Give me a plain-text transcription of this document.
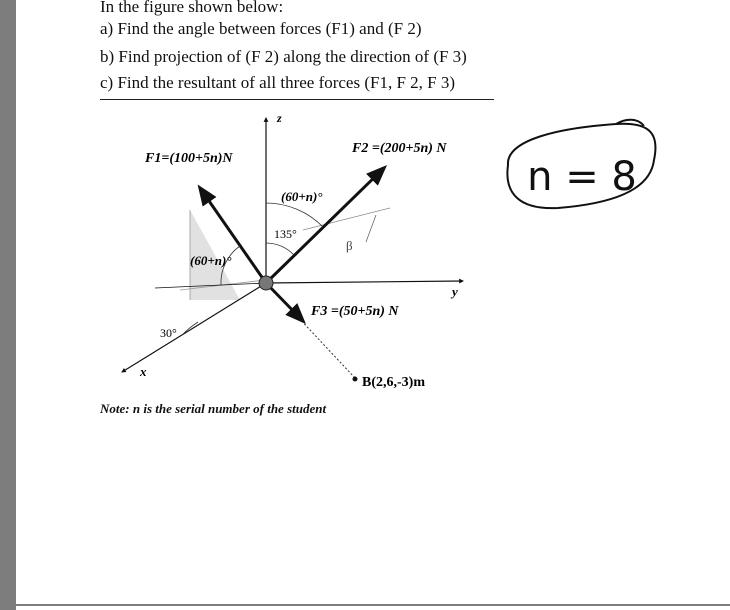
In the figure shown below:
a) Find the angle between forces (F1) and (F 2)
b) Find projection of (F 2) along the direction of (F 3)
c) Find the resultant of all three forces (F1, F 2, F 3)
z
y
x
F1=(100+5n)N
F2 =(200+5n) N
F3 =(50+5n) N
(60+n)°
135°
(60+n)°
30°
β
B(2,6,-3)m
Note: n is the serial number of the student
n = 8
